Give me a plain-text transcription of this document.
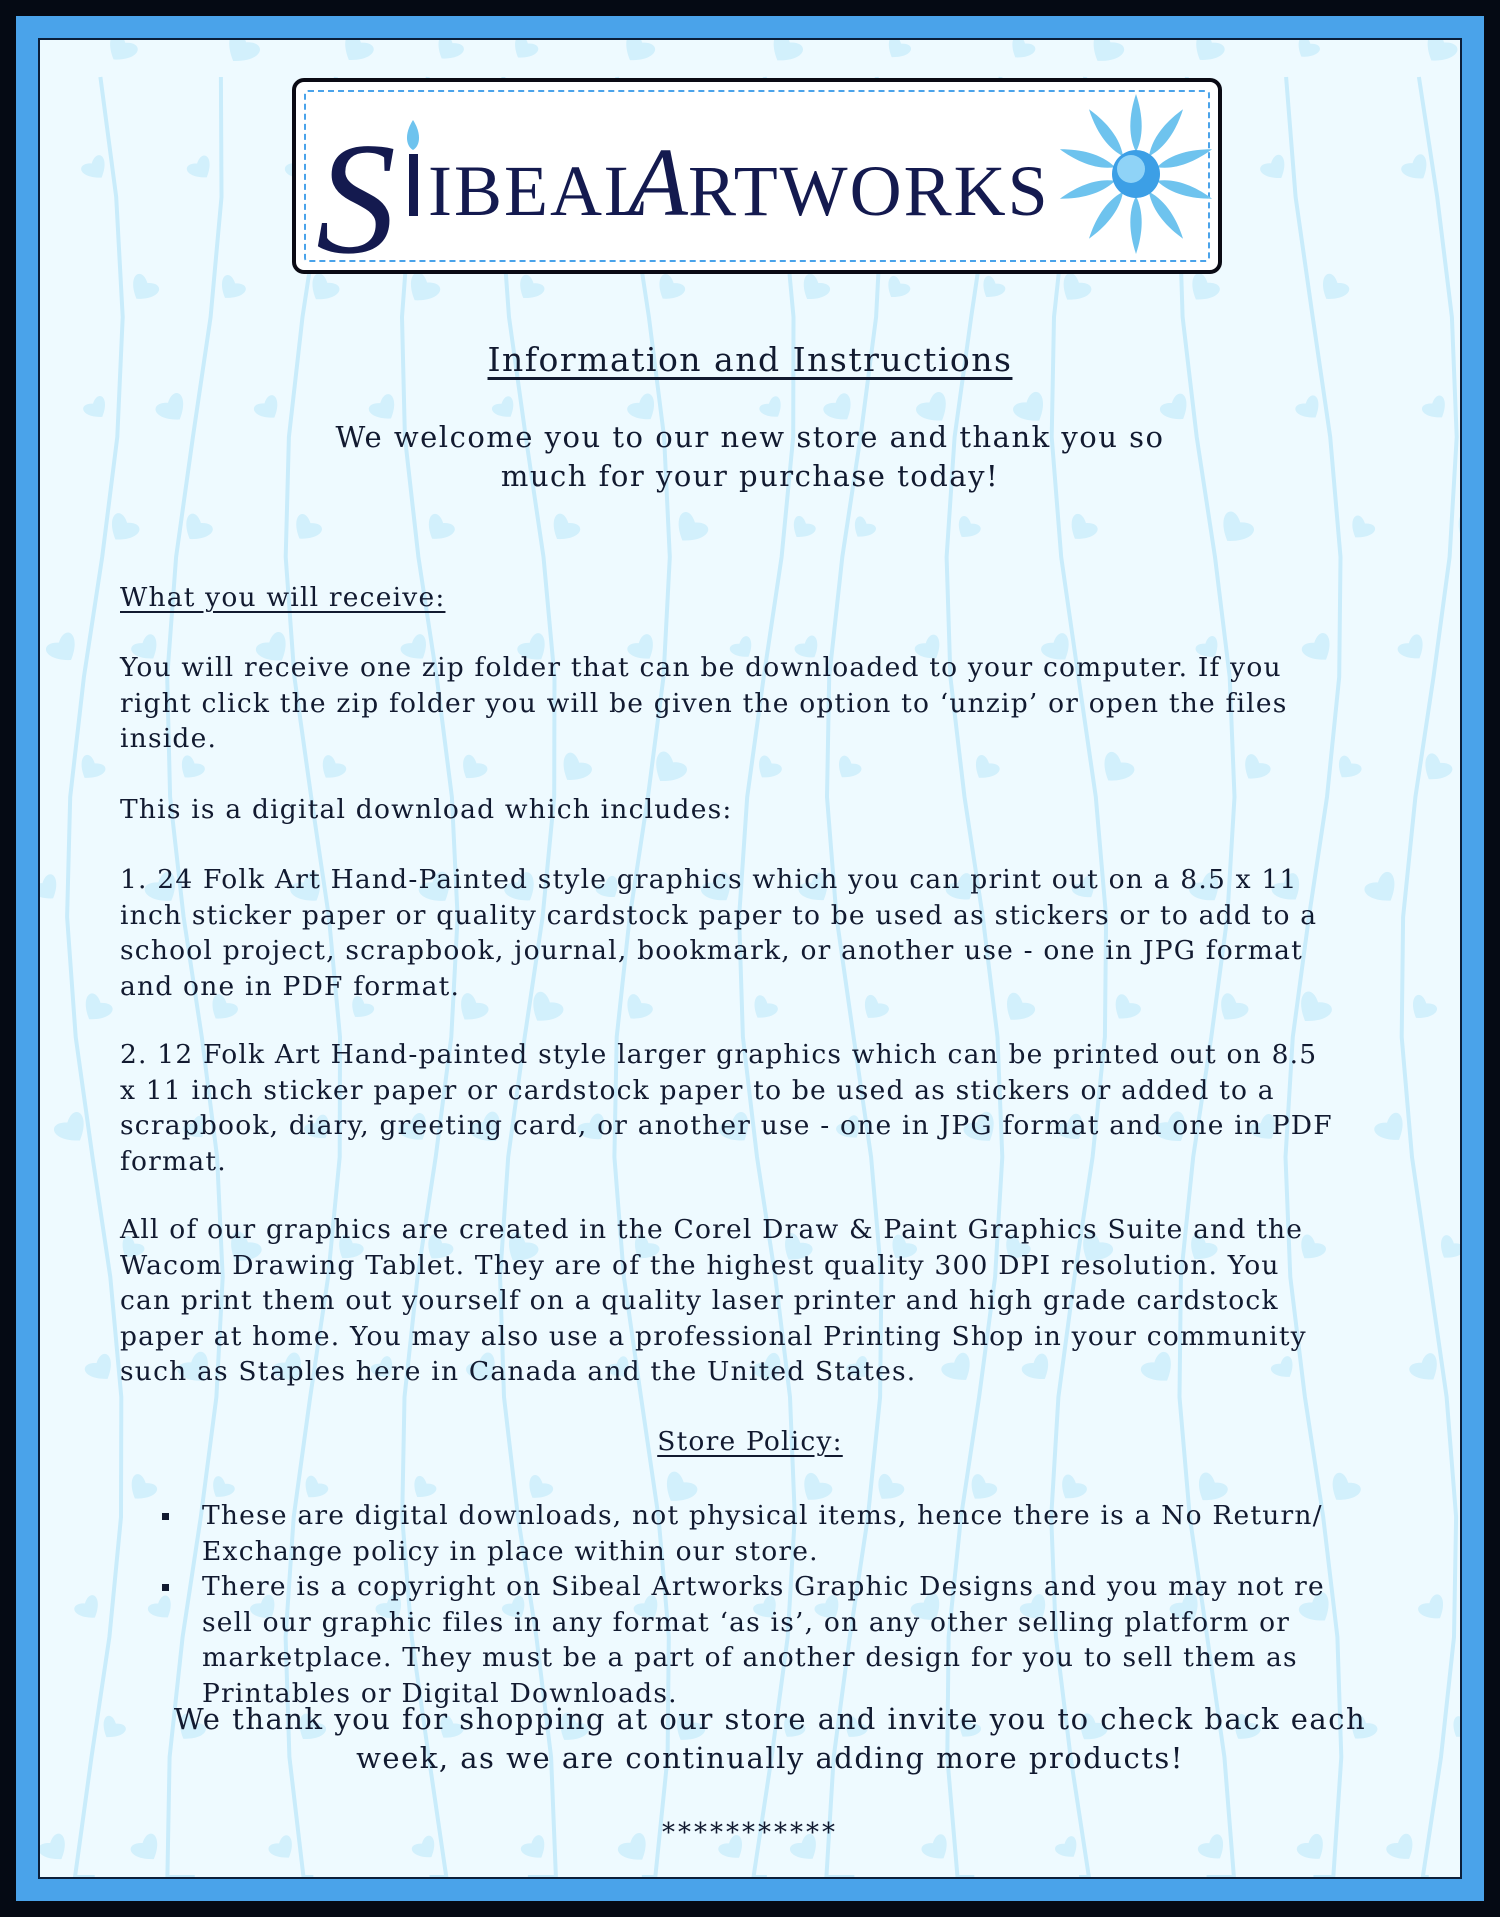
S IBEAL
A RTWORKS
Information and Instructions
We welcome you to our new store and thank you so
much for your purchase today!
What you will receive:
You will receive one zip folder that can be downloaded to your computer. If you
right click the zip folder you will be given the option to ‘unzip’ or open the files
inside.
This is a digital download which includes:
1. 24 Folk Art Hand-Painted style graphics which you can print out on a 8.5 x 11
inch sticker paper or quality cardstock paper to be used as stickers or to add to a
school project, scrapbook, journal, bookmark, or another use - one in JPG format
and one in PDF format.
2. 12 Folk Art Hand-painted style larger graphics which can be printed out on 8.5
x 11 inch sticker paper or cardstock paper to be used as stickers or added to a
scrapbook, diary, greeting card, or another use - one in JPG format and one in PDF
format.
All of our graphics are created in the Corel Draw & Paint Graphics Suite and the
Wacom Drawing Tablet. They are of the highest quality 300 DPI resolution. You
can print them out yourself on a quality laser printer and high grade cardstock
paper at home. You may also use a professional Printing Shop in your community
such as Staples here in Canada and the United States.
Store Policy:
These are digital downloads, not physical items, hence there is a No Return/
Exchange policy in place within our store.
There is a copyright on Sibeal Artworks Graphic Designs and you may not re
sell our graphic files in any format ‘as is’, on any other selling platform or
marketplace. They must be a part of another design for you to sell them as
Printables or Digital Downloads.
We thank you for shopping at our store and invite you to check back each
week, as we are continually adding more products!
***********
